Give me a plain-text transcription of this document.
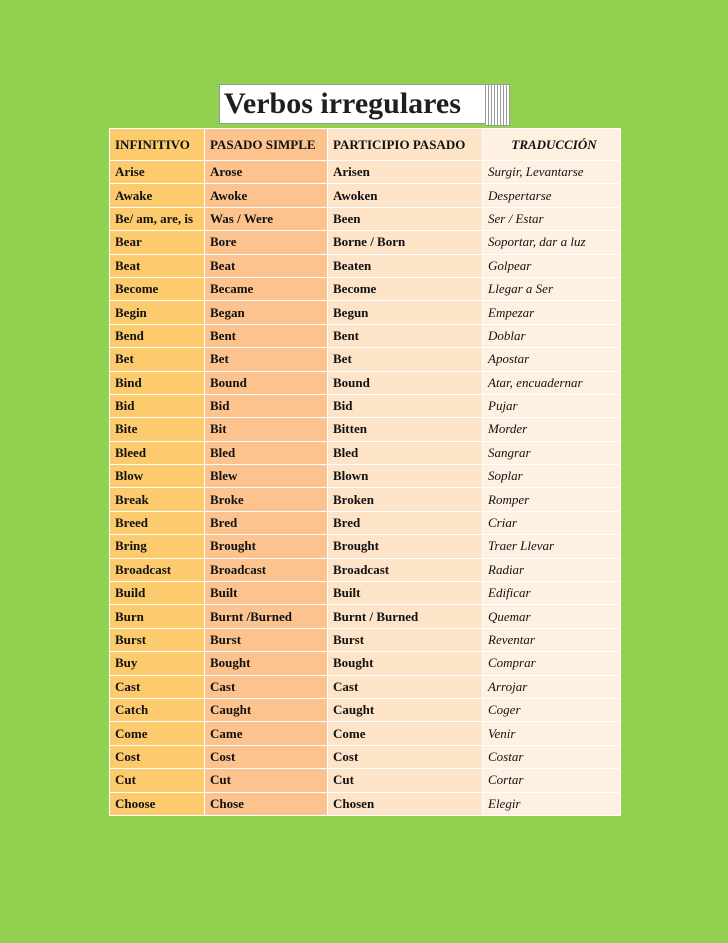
Verbos irregulares
INFINITIVO	PASADO SIMPLE	PARTICIPIO PASADO	TRADUCCIÓN
Arise	Arose	Arisen	Surgir, Levantarse
Awake	Awoke	Awoken	Despertarse
Be/ am, are, is	Was / Were	Been	Ser / Estar
Bear	Bore	Borne / Born	Soportar, dar a luz
Beat	Beat	Beaten	Golpear
Become	Became	Become	Llegar a Ser
Begin	Began	Begun	Empezar
Bend	Bent	Bent	Doblar
Bet	Bet	Bet	Apostar
Bind	Bound	Bound	Atar, encuadernar
Bid	Bid	Bid	Pujar
Bite	Bit	Bitten	Morder
Bleed	Bled	Bled	Sangrar
Blow	Blew	Blown	Soplar
Break	Broke	Broken	Romper
Breed	Bred	Bred	Criar
Bring	Brought	Brought	Traer Llevar
Broadcast	Broadcast	Broadcast	Radiar
Build	Built	Built	Edificar
Burn	Burnt /Burned	Burnt / Burned	Quemar
Burst	Burst	Burst	Reventar
Buy	Bought	Bought	Comprar
Cast	Cast	Cast	Arrojar
Catch	Caught	Caught	Coger
Come	Came	Come	Venir
Cost	Cost	Cost	Costar
Cut	Cut	Cut	Cortar
Choose	Chose	Chosen	Elegir
